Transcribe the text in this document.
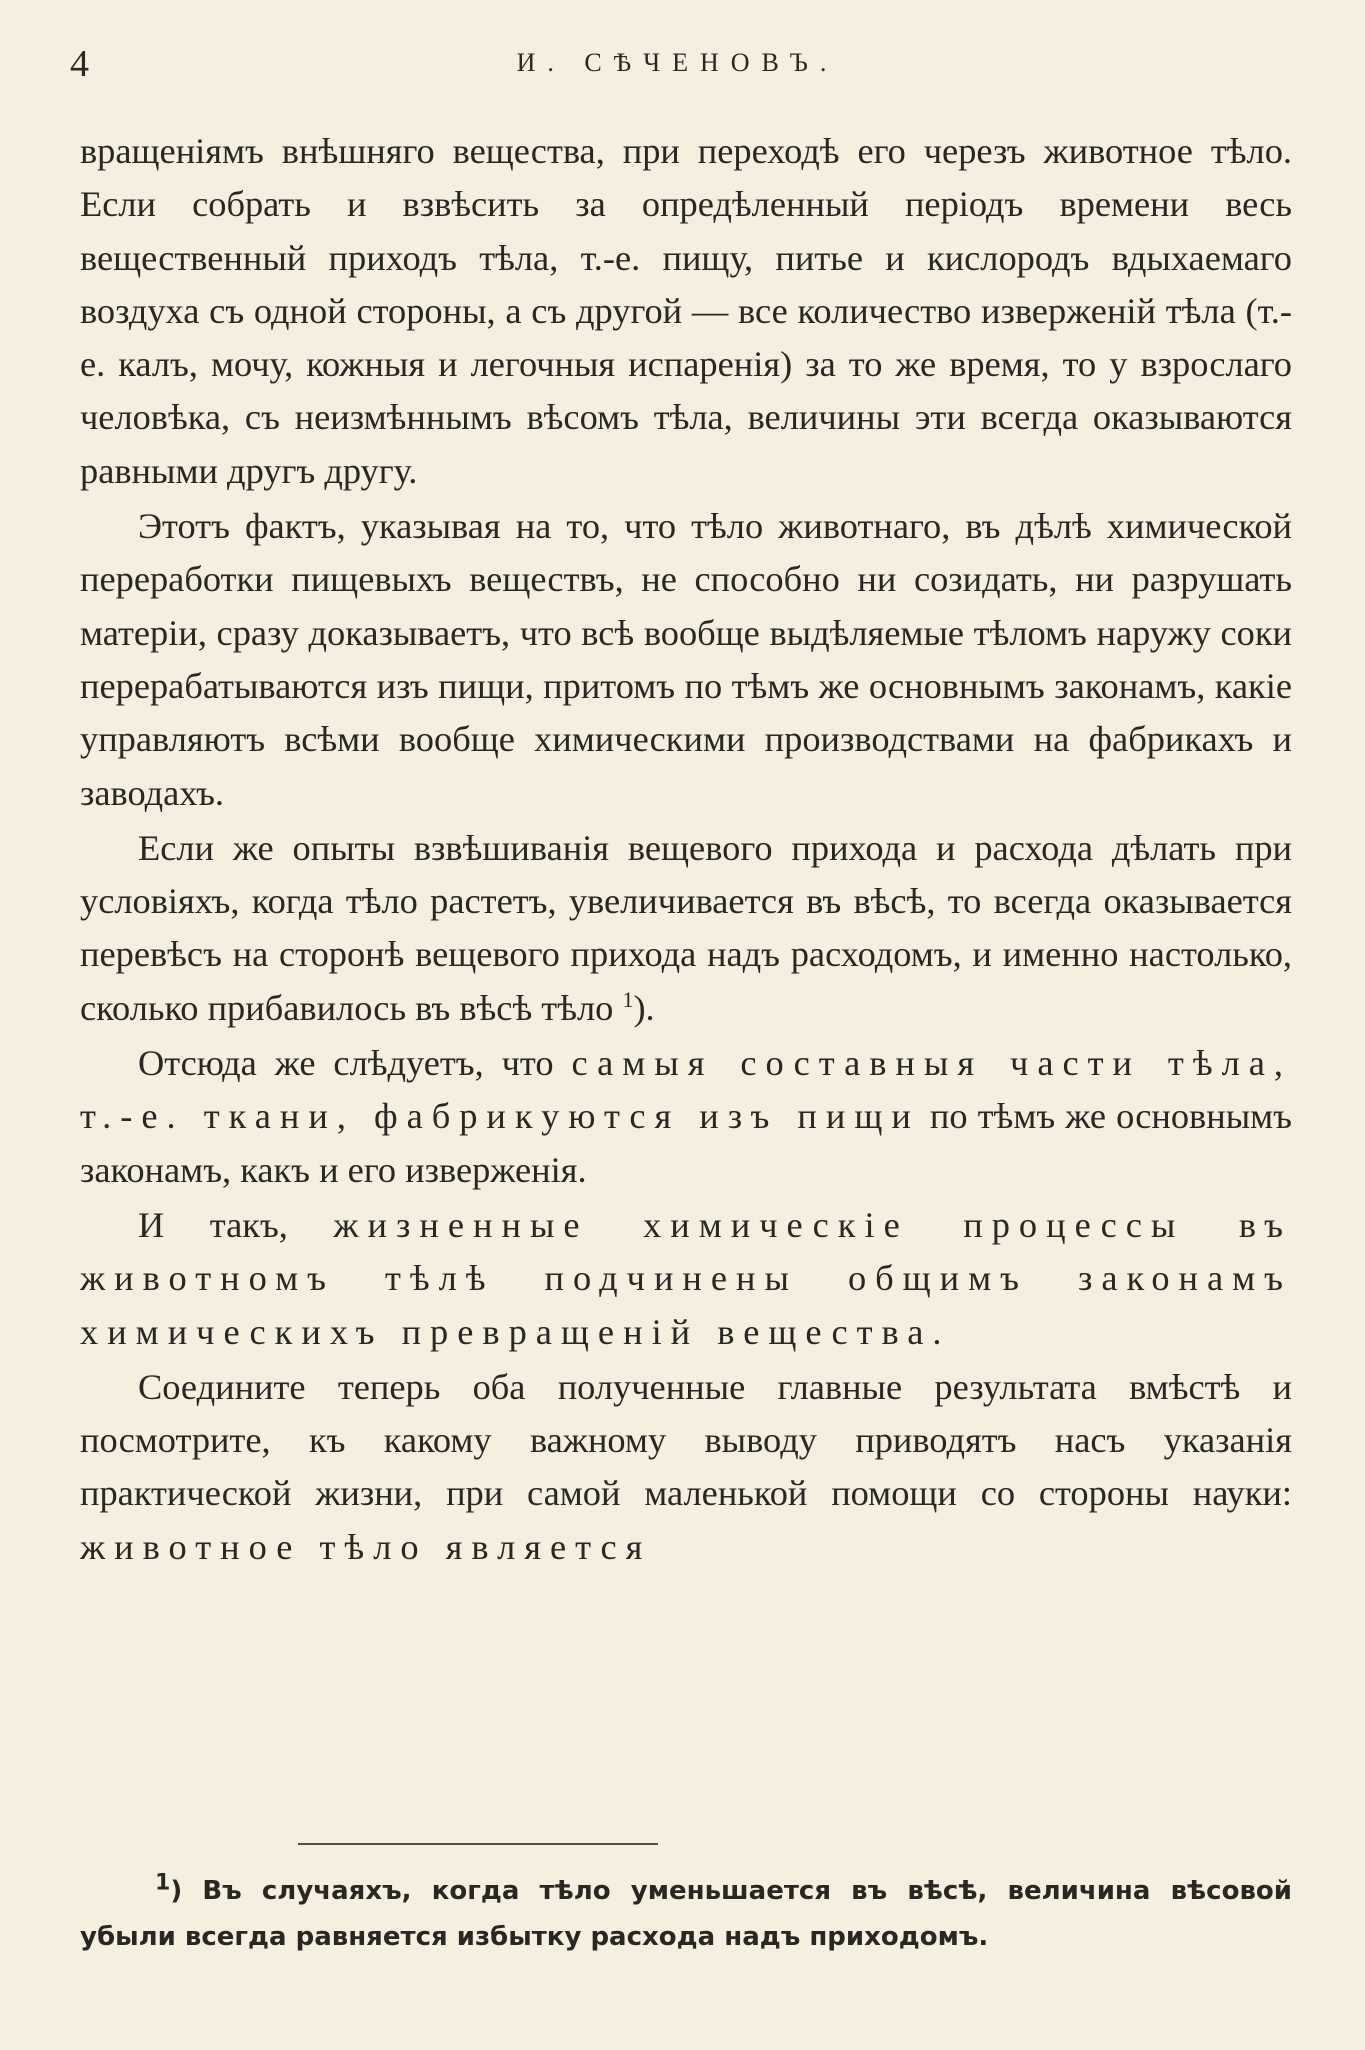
4	И. СѢЧЕНОВЪ.

вращеніямъ внѣшняго вещества, при переходѣ его черезъ животное тѣло. Если собрать и взвѣсить за опредѣленный періодъ времени весь вещественный приходъ тѣла, т.-е. пищу, питье и кислородъ вдыхаемаго воздуха съ одной стороны, а съ другой — все количество изверженій тѣла (т.-е. калъ, мочу, кожныя и легочныя испаренія) за то же время, то у взрослаго человѣка, съ неизмѣннымъ вѣсомъ тѣла, величины эти всегда оказываются равными другъ другу.

Этотъ фактъ, указывая на то, что тѣло животнаго, въ дѣлѣ химической переработки пищевыхъ веществъ, не способно ни созидать, ни разрушать матеріи, сразу доказываетъ, что всѣ вообще выдѣляемые тѣломъ наружу соки перерабатываются изъ пищи, притомъ по тѣмъ же основнымъ законамъ, какіе управляютъ всѣми вообще химическими производствами на фабрикахъ и заводахъ.

Если же опыты взвѣшиванія вещевого прихода и расхода дѣлать при условіяхъ, когда тѣло растетъ, увеличивается въ вѣсѣ, то всегда оказывается перевѣсъ на сторонѣ вещевого прихода надъ расходомъ, и именно настолько, сколько прибавилось въ вѣсѣ тѣло $^1$).

Отсюда же слѣдуетъ, что самыя составныя части тѣла, т.-е. ткани, фабрикуются изъ пищи по тѣмъ же основнымъ законамъ, какъ и его изверженія.

И такъ, жизненные химическіе процессы въ животномъ тѣлѣ подчинены общимъ законамъ химическихъ превращеній вещества.

Соедините теперь оба полученные главные результата вмѣстѣ и посмотрите, къ какому важному выводу приводятъ насъ указанія практической жизни, при самой маленькой помощи со стороны науки: животное тѣло является

$^1$) Въ случаяхъ, когда тѣло уменьшается въ вѣсѣ, величина вѣсовой убыли всегда равняется избытку расхода надъ приходомъ.
